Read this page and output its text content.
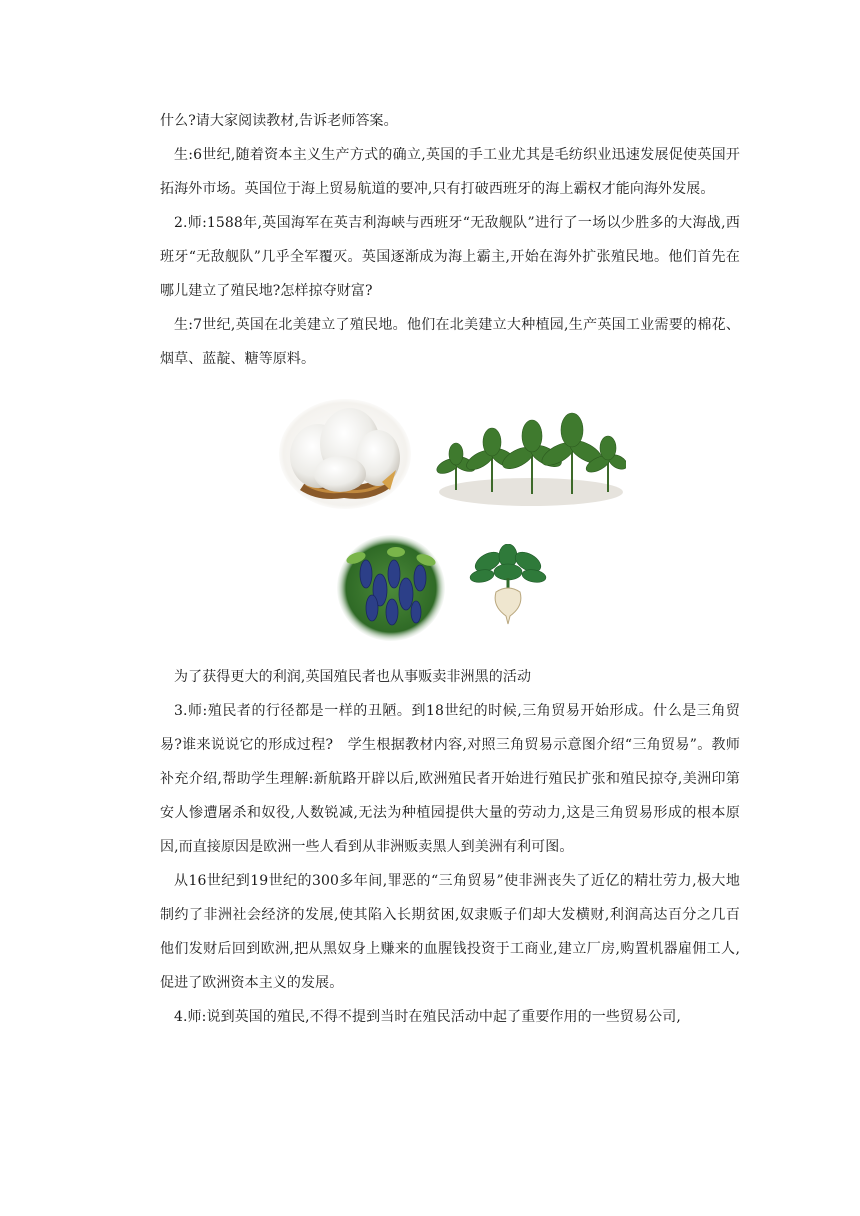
什么?请大家阅读教材,告诉老师答案。

生:6世纪,随着资本主义生产方式的确立,英国的手工业尤其是毛纺织业迅速发展促使英国开拓海外市场。英国位于海上贸易航道的要冲,只有打破西班牙的海上霸权才能向海外发展。

2.师:1588年,英国海军在英吉利海峡与西班牙“无敌舰队”进行了一场以少胜多的大海战,西班牙“无敌舰队”几乎全军覆灭。英国逐渐成为海上霸主,开始在海外扩张殖民地。他们首先在哪儿建立了殖民地?怎样掠夺财富?

生:7世纪,英国在北美建立了殖民地。他们在北美建立大种植园,生产英国工业需要的棉花、烟草、蓝靛、糖等原料。

为了获得更大的利润,英国殖民者也从事贩卖非洲黑的活动

3.师:殖民者的行径都是一样的丑陋。到18世纪的时候,三角贸易开始形成。什么是三角贸易?谁来说说它的形成过程?　学生根据教材内容,对照三角贸易示意图介绍“三角贸易”。教师补充介绍,帮助学生理解:新航路开辟以后,欧洲殖民者开始进行殖民扩张和殖民掠夺,美洲印第安人惨遭屠杀和奴役,人数锐减,无法为种植园提供大量的劳动力,这是三角贸易形成的根本原因,而直接原因是欧洲一些人看到从非洲贩卖黑人到美洲有利可图。

从16世纪到19世纪的300多年间,罪恶的“三角贸易”使非洲丧失了近亿的精壮劳力,极大地制约了非洲社会经济的发展,使其陷入长期贫困,奴隶贩子们却大发横财,利润高达百分之几百　他们发财后回到欧洲,把从黑奴身上赚来的血腥钱投资于工商业,建立厂房,购置机器雇佣工人,促进了欧洲资本主义的发展。

4.师:说到英国的殖民,不得不提到当时在殖民活动中起了重要作用的一些贸易公司,
